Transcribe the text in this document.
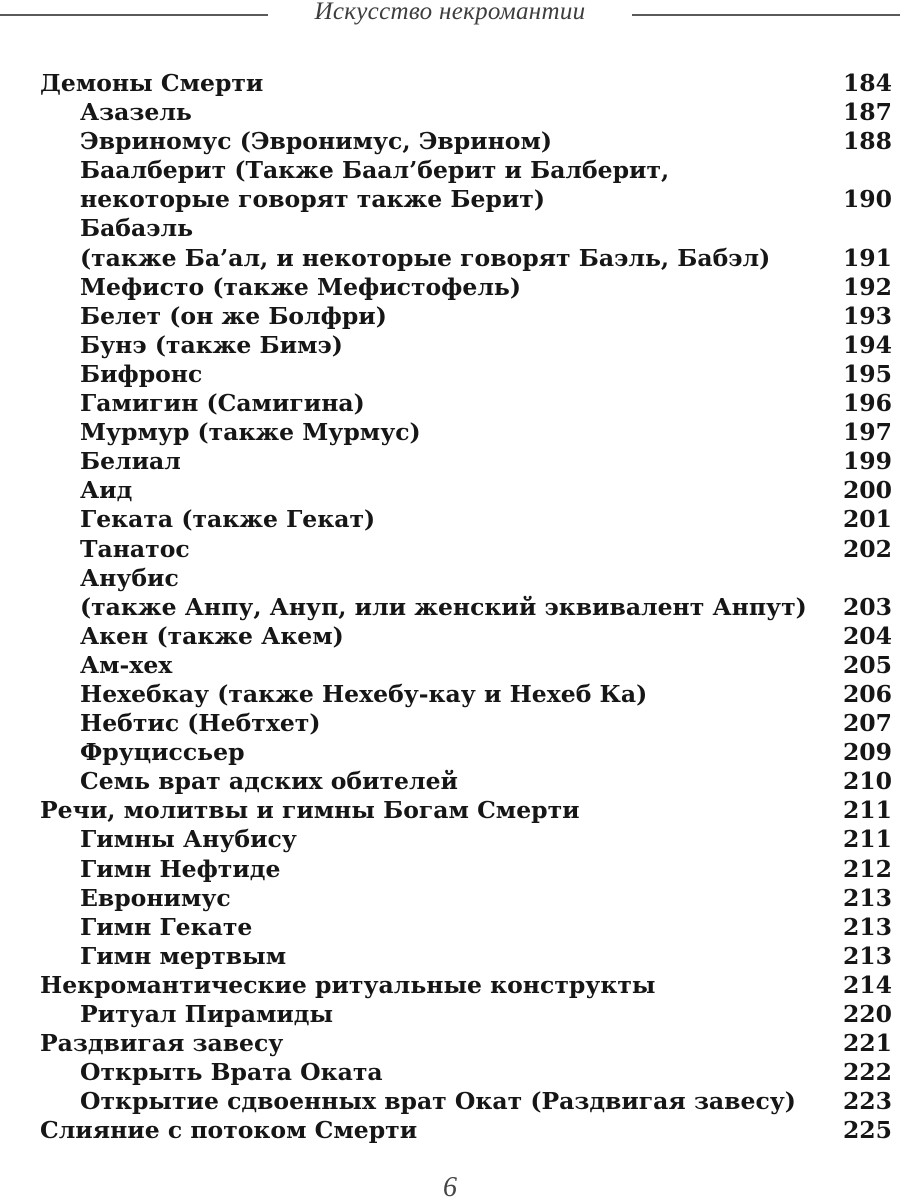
Искусство некромантии
Демоны Смерти	184
Азазель	187
Эвриномус (Эвронимус, Эврином)	188
Баалберит (Также Баал’берит и Балберит,
некоторые говорят также Берит)	190
Бабаэль
(также Ба’ал, и некоторые говорят Баэль, Бабэл)	191
Мефисто (также Мефистофель)	192
Белет (он же Болфри)	193
Бунэ (также Бимэ)	194
Бифронс	195
Гамигин (Самигина)	196
Мурмур (также Мурмус)	197
Белиал	199
Аид	200
Геката (также Гекат)	201
Танатос	202
Анубис
(также Анпу, Ануп, или женский эквивалент Анпут) 203
Акен (также Акем)	204
Ам-хех	205
Нехебкау (также Нехебу-кау и Нехеб Ка)	206
Небтис (Небтхет)	207
Фруциссьер	209
Семь врат адских обителей	210
Речи, молитвы и гимны Богам Смерти	211
Гимны Анубису	211
Гимн Нефтиде	212
Евронимус	213
Гимн Гекате	213
Гимн мертвым	213
Некромантические ритуальные конструкты	214
Ритуал Пирамиды	220
Раздвигая завесу	221
Открыть Врата Оката	222
Открытие сдвоенных врат Окат (Раздвигая завесу) 223
Слияние с потоком Смерти	225
6
